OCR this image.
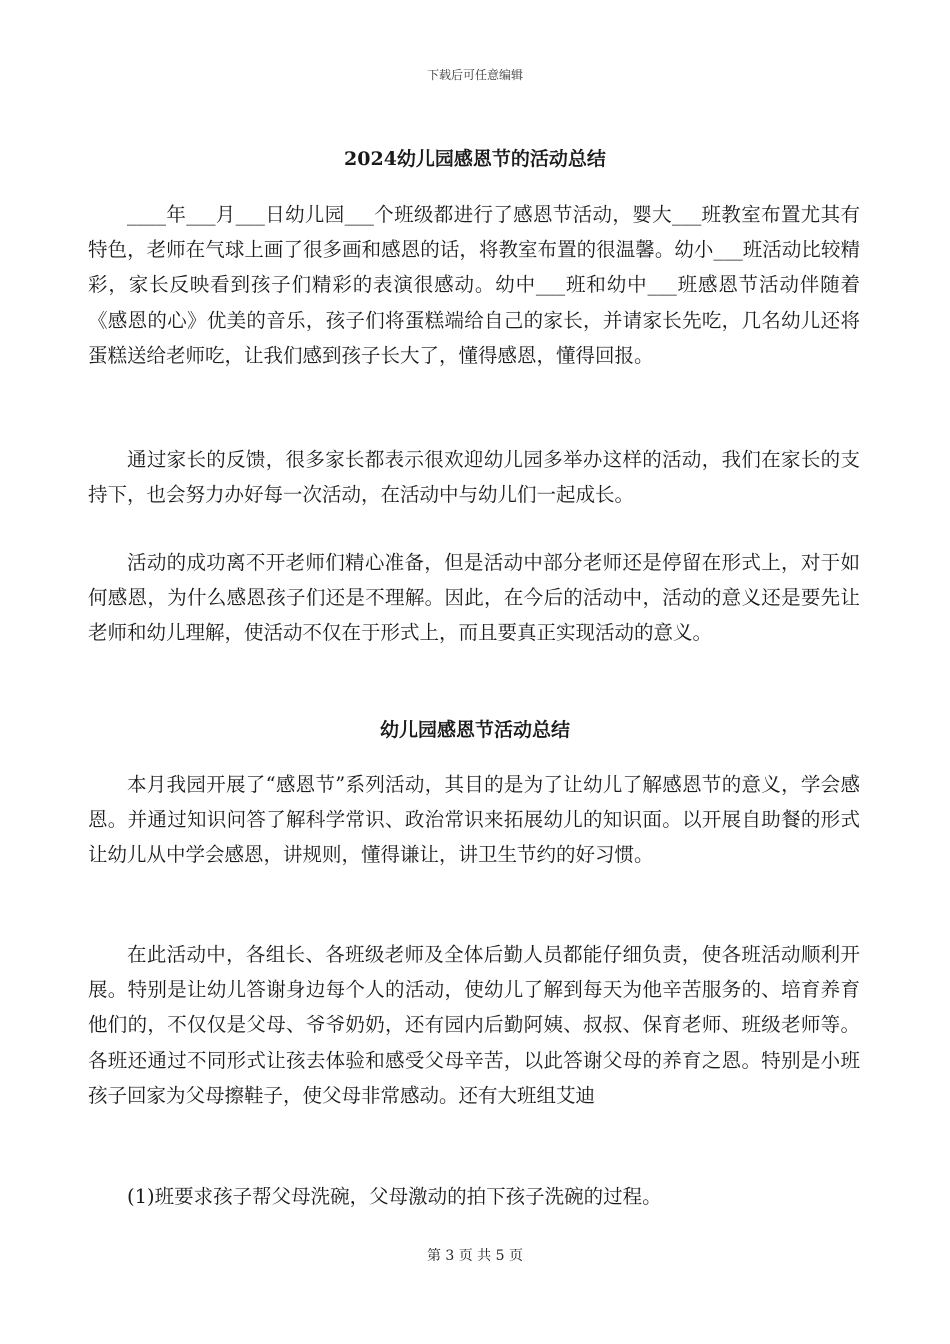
下载后可任意编辑
2024幼儿园感恩节的活动总结

____年___月___日幼儿园___个班级都进行了感恩节活动，婴大___班教室布置尤其有特色，老师在气球上画了很多画和感恩的话，将教室布置的很温馨。幼小___班活动比较精彩，家长反映看到孩子们精彩的表演很感动。幼中___班和幼中___班感恩节活动伴随着《感恩的心》优美的音乐，孩子们将蛋糕端给自己的家长，并请家长先吃，几名幼儿还将蛋糕送给老师吃，让我们感到孩子长大了，懂得感恩，懂得回报。

通过家长的反馈，很多家长都表示很欢迎幼儿园多举办这样的活动，我们在家长的支持下，也会努力办好每一次活动，在活动中与幼儿们一起成长。

活动的成功离不开老师们精心准备，但是活动中部分老师还是停留在形式上，对于如何感恩，为什么感恩孩子们还是不理解。因此，在今后的活动中，活动的意义还是要先让老师和幼儿理解，使活动不仅在于形式上，而且要真正实现活动的意义。

幼儿园感恩节活动总结

本月我园开展了“感恩节”系列活动，其目的是为了让幼儿了解感恩节的意义，学会感恩。并通过知识问答了解科学常识、政治常识来拓展幼儿的知识面。以开展自助餐的形式让幼儿从中学会感恩，讲规则，懂得谦让，讲卫生节约的好习惯。

在此活动中，各组长、各班级老师及全体后勤人员都能仔细负责，使各班活动顺利开展。特别是让幼儿答谢身边每个人的活动，使幼儿了解到每天为他辛苦服务的、培育养育他们的，不仅仅是父母、爷爷奶奶，还有园内后勤阿姨、叔叔、保育老师、班级老师等。各班还通过不同形式让孩去体验和感受父母辛苦，以此答谢父母的养育之恩。特别是小班孩子回家为父母擦鞋子，使父母非常感动。还有大班组艾迪

(1)班要求孩子帮父母洗碗，父母激动的拍下孩子洗碗的过程。

第 3 页 共 5 页
